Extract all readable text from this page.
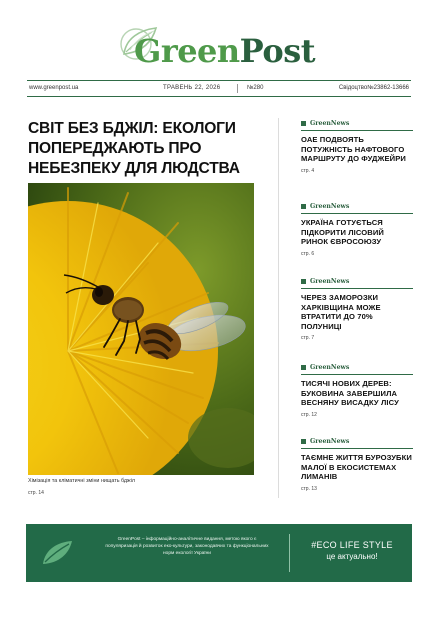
GreenPost
www.greenpost.ua	ТРАВЕНЬ 22, 2026	№280	Свідоцтво№23862-13666
СВІТ БЕЗ БДЖІЛ: ЕКОЛОГИ ПОПЕРЕДЖАЮТЬ ПРО НЕБЕЗПЕКУ ДЛЯ ЛЮДСТВА
Хімізація та кліматичні зміни нищать бджіл
стр. 14
GreenNews
ОАЕ ПОДВОЯТЬ ПОТУЖНІСТЬ НАФТОВОГО МАРШРУТУ ДО ФУДЖЕЙРИ
стр. 4
GreenNews
УКРАЇНА ГОТУЄТЬСЯ ПІДКОРИТИ ЛІСОВИЙ РИНОК ЄВРОСОЮЗУ
стр. 6
GreenNews
ЧЕРЕЗ ЗАМОРОЗКИ ХАРКІВЩИНА МОЖЕ ВТРАТИТИ ДО 70% ПОЛУНИЦІ
стр. 7
GreenNews
ТИСЯЧІ НОВИХ ДЕРЕВ: БУКОВИНА ЗАВЕРШИЛА ВЕСНЯНУ ВИСАДКУ ЛІСУ
стр. 12
GreenNews
ТАЄМНЕ ЖИТТЯ БУРОЗУБКИ МАЛОЇ В ЕКОСИСТЕМАХ ЛИМАНІВ
стр. 13
GreenPost – інформаційно-аналітичне видання, метою якого є популяризація й розвиток еко-культури, законодавчих та функціональних норм екології України
#ECO LIFE STYLE
це актуально!
